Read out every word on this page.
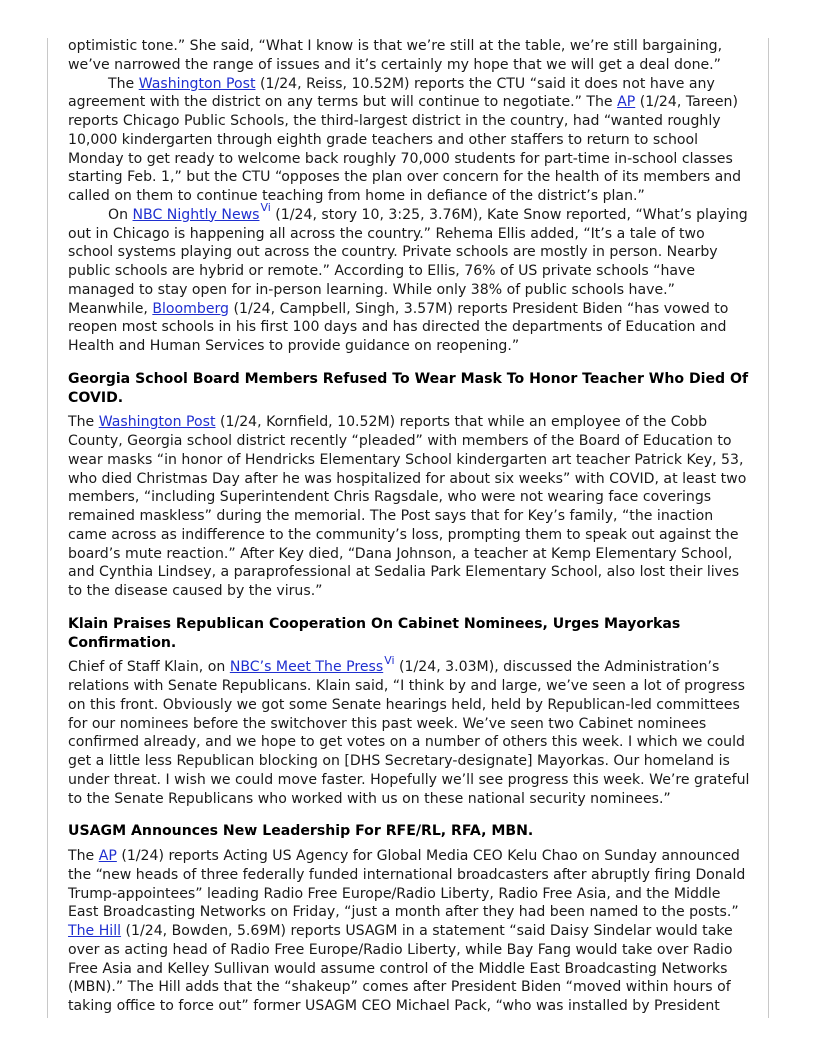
optimistic tone.” She said, “What I know is that we’re still at the table, we’re still bargaining, we’ve narrowed the range of issues and it’s certainly my hope that we will get a deal done.”

The Washington Post (1/24, Reiss, 10.52M) reports the CTU “said it does not have any agreement with the district on any terms but will continue to negotiate.” The AP (1/24, Tareen) reports Chicago Public Schools, the third-largest district in the country, had “wanted roughly 10,000 kindergarten through eighth grade teachers and other staffers to return to school Monday to get ready to welcome back roughly 70,000 students for part-time in-school classes starting Feb. 1,” but the CTU “opposes the plan over concern for the health of its members and called on them to continue teaching from home in defiance of the district’s plan.”

On NBC Nightly News$^{Vi}$ (1/24, story 10, 3:25, 3.76M), Kate Snow reported, “What’s playing out in Chicago is happening all across the country.” Rehema Ellis added, “It’s a tale of two school systems playing out across the country. Private schools are mostly in person. Nearby public schools are hybrid or remote.” According to Ellis, 76% of US private schools “have managed to stay open for in-person learning. While only 38% of public schools have.” Meanwhile, Bloomberg (1/24, Campbell, Singh, 3.57M) reports President Biden “has vowed to reopen most schools in his first 100 days and has directed the departments of Education and Health and Human Services to provide guidance on reopening.”

Georgia School Board Members Refused To Wear Mask To Honor Teacher Who Died Of COVID.

The Washington Post (1/24, Kornfield, 10.52M) reports that while an employee of the Cobb County, Georgia school district recently “pleaded” with members of the Board of Education to wear masks “in honor of Hendricks Elementary School kindergarten art teacher Patrick Key, 53, who died Christmas Day after he was hospitalized for about six weeks” with COVID, at least two members, “including Superintendent Chris Ragsdale, who were not wearing face coverings remained maskless” during the memorial. The Post says that for Key’s family, “the inaction came across as indifference to the community’s loss, prompting them to speak out against the board’s mute reaction.” After Key died, “Dana Johnson, a teacher at Kemp Elementary School, and Cynthia Lindsey, a paraprofessional at Sedalia Park Elementary School, also lost their lives to the disease caused by the virus.”

Klain Praises Republican Cooperation On Cabinet Nominees, Urges Mayorkas Confirmation.

Chief of Staff Klain, on NBC’s Meet The Press$^{Vi}$ (1/24, 3.03M), discussed the Administration’s relations with Senate Republicans. Klain said, “I think by and large, we’ve seen a lot of progress on this front. Obviously we got some Senate hearings held, held by Republican-led committees for our nominees before the switchover this past week. We’ve seen two Cabinet nominees confirmed already, and we hope to get votes on a number of others this week. I which we could get a little less Republican blocking on [DHS Secretary-designate] Mayorkas. Our homeland is under threat. I wish we could move faster. Hopefully we’ll see progress this week. We’re grateful to the Senate Republicans who worked with us on these national security nominees.”

USAGM Announces New Leadership For RFE/RL, RFA, MBN.

The AP (1/24) reports Acting US Agency for Global Media CEO Kelu Chao on Sunday announced the “new heads of three federally funded international broadcasters after abruptly firing Donald Trump-appointees” leading Radio Free Europe/Radio Liberty, Radio Free Asia, and the Middle East Broadcasting Networks on Friday, “just a month after they had been named to the posts.” The Hill (1/24, Bowden, 5.69M) reports USAGM in a statement “said Daisy Sindelar would take over as acting head of Radio Free Europe/Radio Liberty, while Bay Fang would take over Radio Free Asia and Kelley Sullivan would assume control of the Middle East Broadcasting Networks (MBN).” The Hill adds that the “shakeup” comes after President Biden “moved within hours of taking office to force out” former USAGM CEO Michael Pack, “who was installed by President
